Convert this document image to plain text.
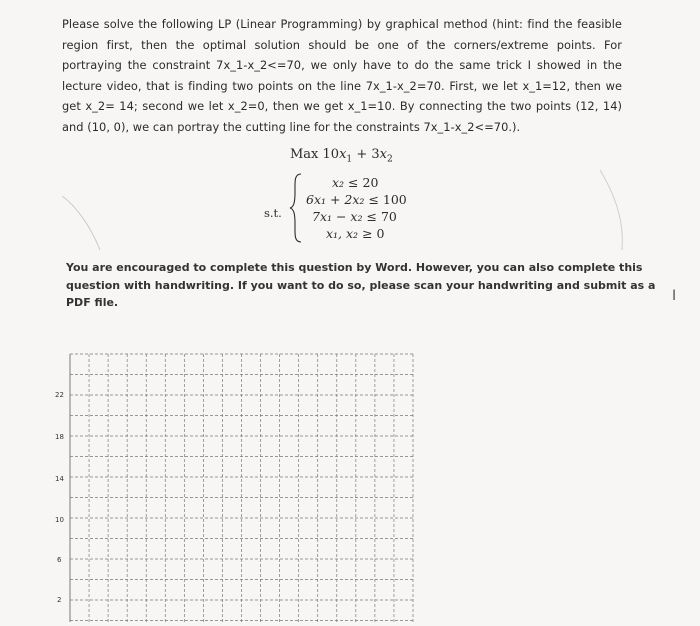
Please solve the following LP (Linear Programming) by graphical method (hint: find the feasible
region first, then the optimal solution should be one of the corners/extreme points. For
portraying the constraint 7x_1-x_2<=70, we only have to do the same trick I showed in the
lecture video, that is finding two points on the line 7x_1-x_2=70. First, we let x_1=12, then we
get x_2= 14; second we let x_2=0, then we get x_1=10. By connecting the two points (12, 14)
and (10, 0), we can portray the cutting line for the constraints 7x_1-x_2<=70.).
Max $10x_1 + 3x_2$
s.t.
x₂ ≤ 20
6x₁ + 2x₂ ≤ 100
7x₁ − x₂ ≤ 70
x₁, x₂ ≥ 0
You are encouraged to complete this question by Word. However, you can also complete this
question with handwriting. If you want to do so, please scan your handwriting and submit as a
PDF file.	I
22
18
14
10
6
2
